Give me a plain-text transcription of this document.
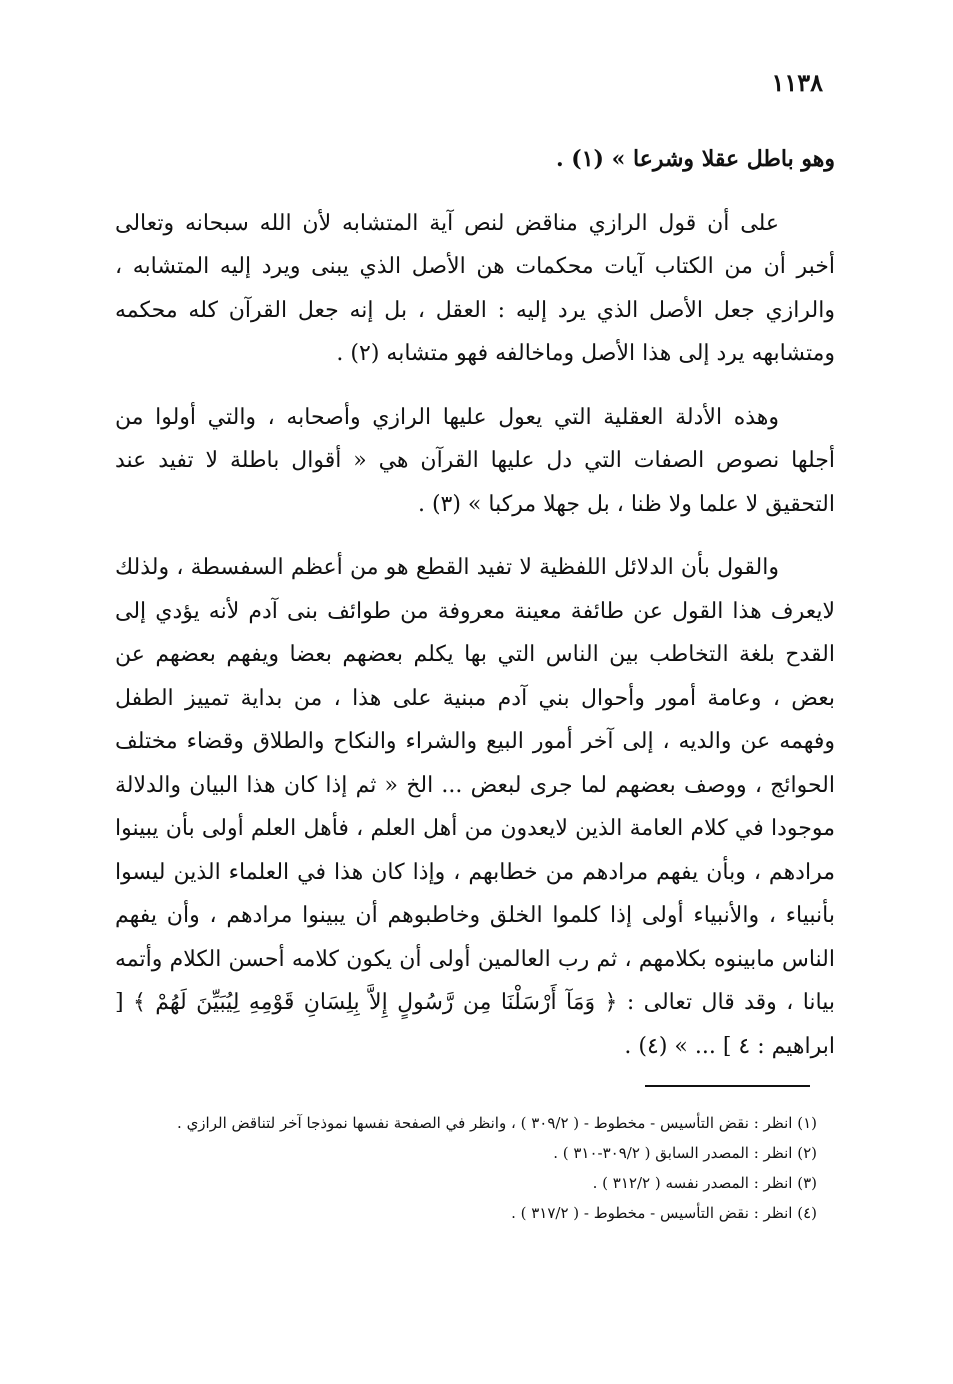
١١٣٨

وهو باطل عقلا وشرعا » (١) .

على أن قول الرازي مناقض لنص آية المتشابه لأن الله سبحانه وتعالى أخبر أن من الكتاب آيات محكمات هن الأصل الذي يبنى ويرد إليه المتشابه ، والرازي جعل الأصل الذي يرد إليه : العقل ، بل إنه جعل القرآن كله محكمه ومتشابهه يرد إلى هذا الأصل وماخالفه فهو متشابه (٢) .

وهذه الأدلة العقلية التي يعول عليها الرازي وأصحابه ، والتي أولوا من أجلها نصوص الصفات التي دل عليها القرآن هي « أقوال باطلة لا تفيد عند التحقيق لا علما ولا ظنا ، بل جهلا مركبا » (٣) .

والقول بأن الدلائل اللفظية لا تفيد القطع هو من أعظم السفسطة ، ولذلك لايعرف هذا القول عن طائفة معينة معروفة من طوائف بنى آدم لأنه يؤدي إلى القدح بلغة التخاطب بين الناس التي بها يكلم بعضهم بعضا ويفهم بعضهم عن بعض ، وعامة أمور وأحوال بني آدم مبنية على هذا ، من بداية تمييز الطفل وفهمه عن والديه ، إلى آخر أمور البيع والشراء والنكاح والطلاق وقضاء مختلف الحوائج ، ووصف بعضهم لما جرى لبعض ... الخ « ثم إذا كان هذا البيان والدلالة موجودا في كلام العامة الذين لايعدون من أهل العلم ، فأهل العلم أولى بأن يبينوا مرادهم ، وبأن يفهم مرادهم من خطابهم ، وإذا كان هذا في العلماء الذين ليسوا بأنبياء ، والأنبياء أولى إذا كلموا الخلق وخاطبوهم أن يبينوا مرادهم ، وأن يفهم الناس مابينوه بكلامهم ، ثم رب العالمين أولى أن يكون كلامه أحسن الكلام وأتمه بيانا ، وقد قال تعالى : ﴿ وَمَآ أَرْسَلْنَا مِن رَّسُولٍ إِلاَّ بِلِسَانِ قَوْمِهِ لِيُبَيِّنَ لَهُمْ ﴾ [ ابراهيم : ٤ ] ... » (٤) .

(١) انظر : نقض التأسيس - مخطوط - ( ٣٠٩/٢ ) ، وانظر في الصفحة نفسها نموذجا آخر لتناقض الرازي .

(٢) انظر : المصدر السابق ( ٣٠٩/٢-٣١٠ ) .

(٣) انظر : المصدر نفسه ( ٣١٢/٢ ) .

(٤) انظر : نقض التأسيس - مخطوط - ( ٣١٧/٢ ) .
